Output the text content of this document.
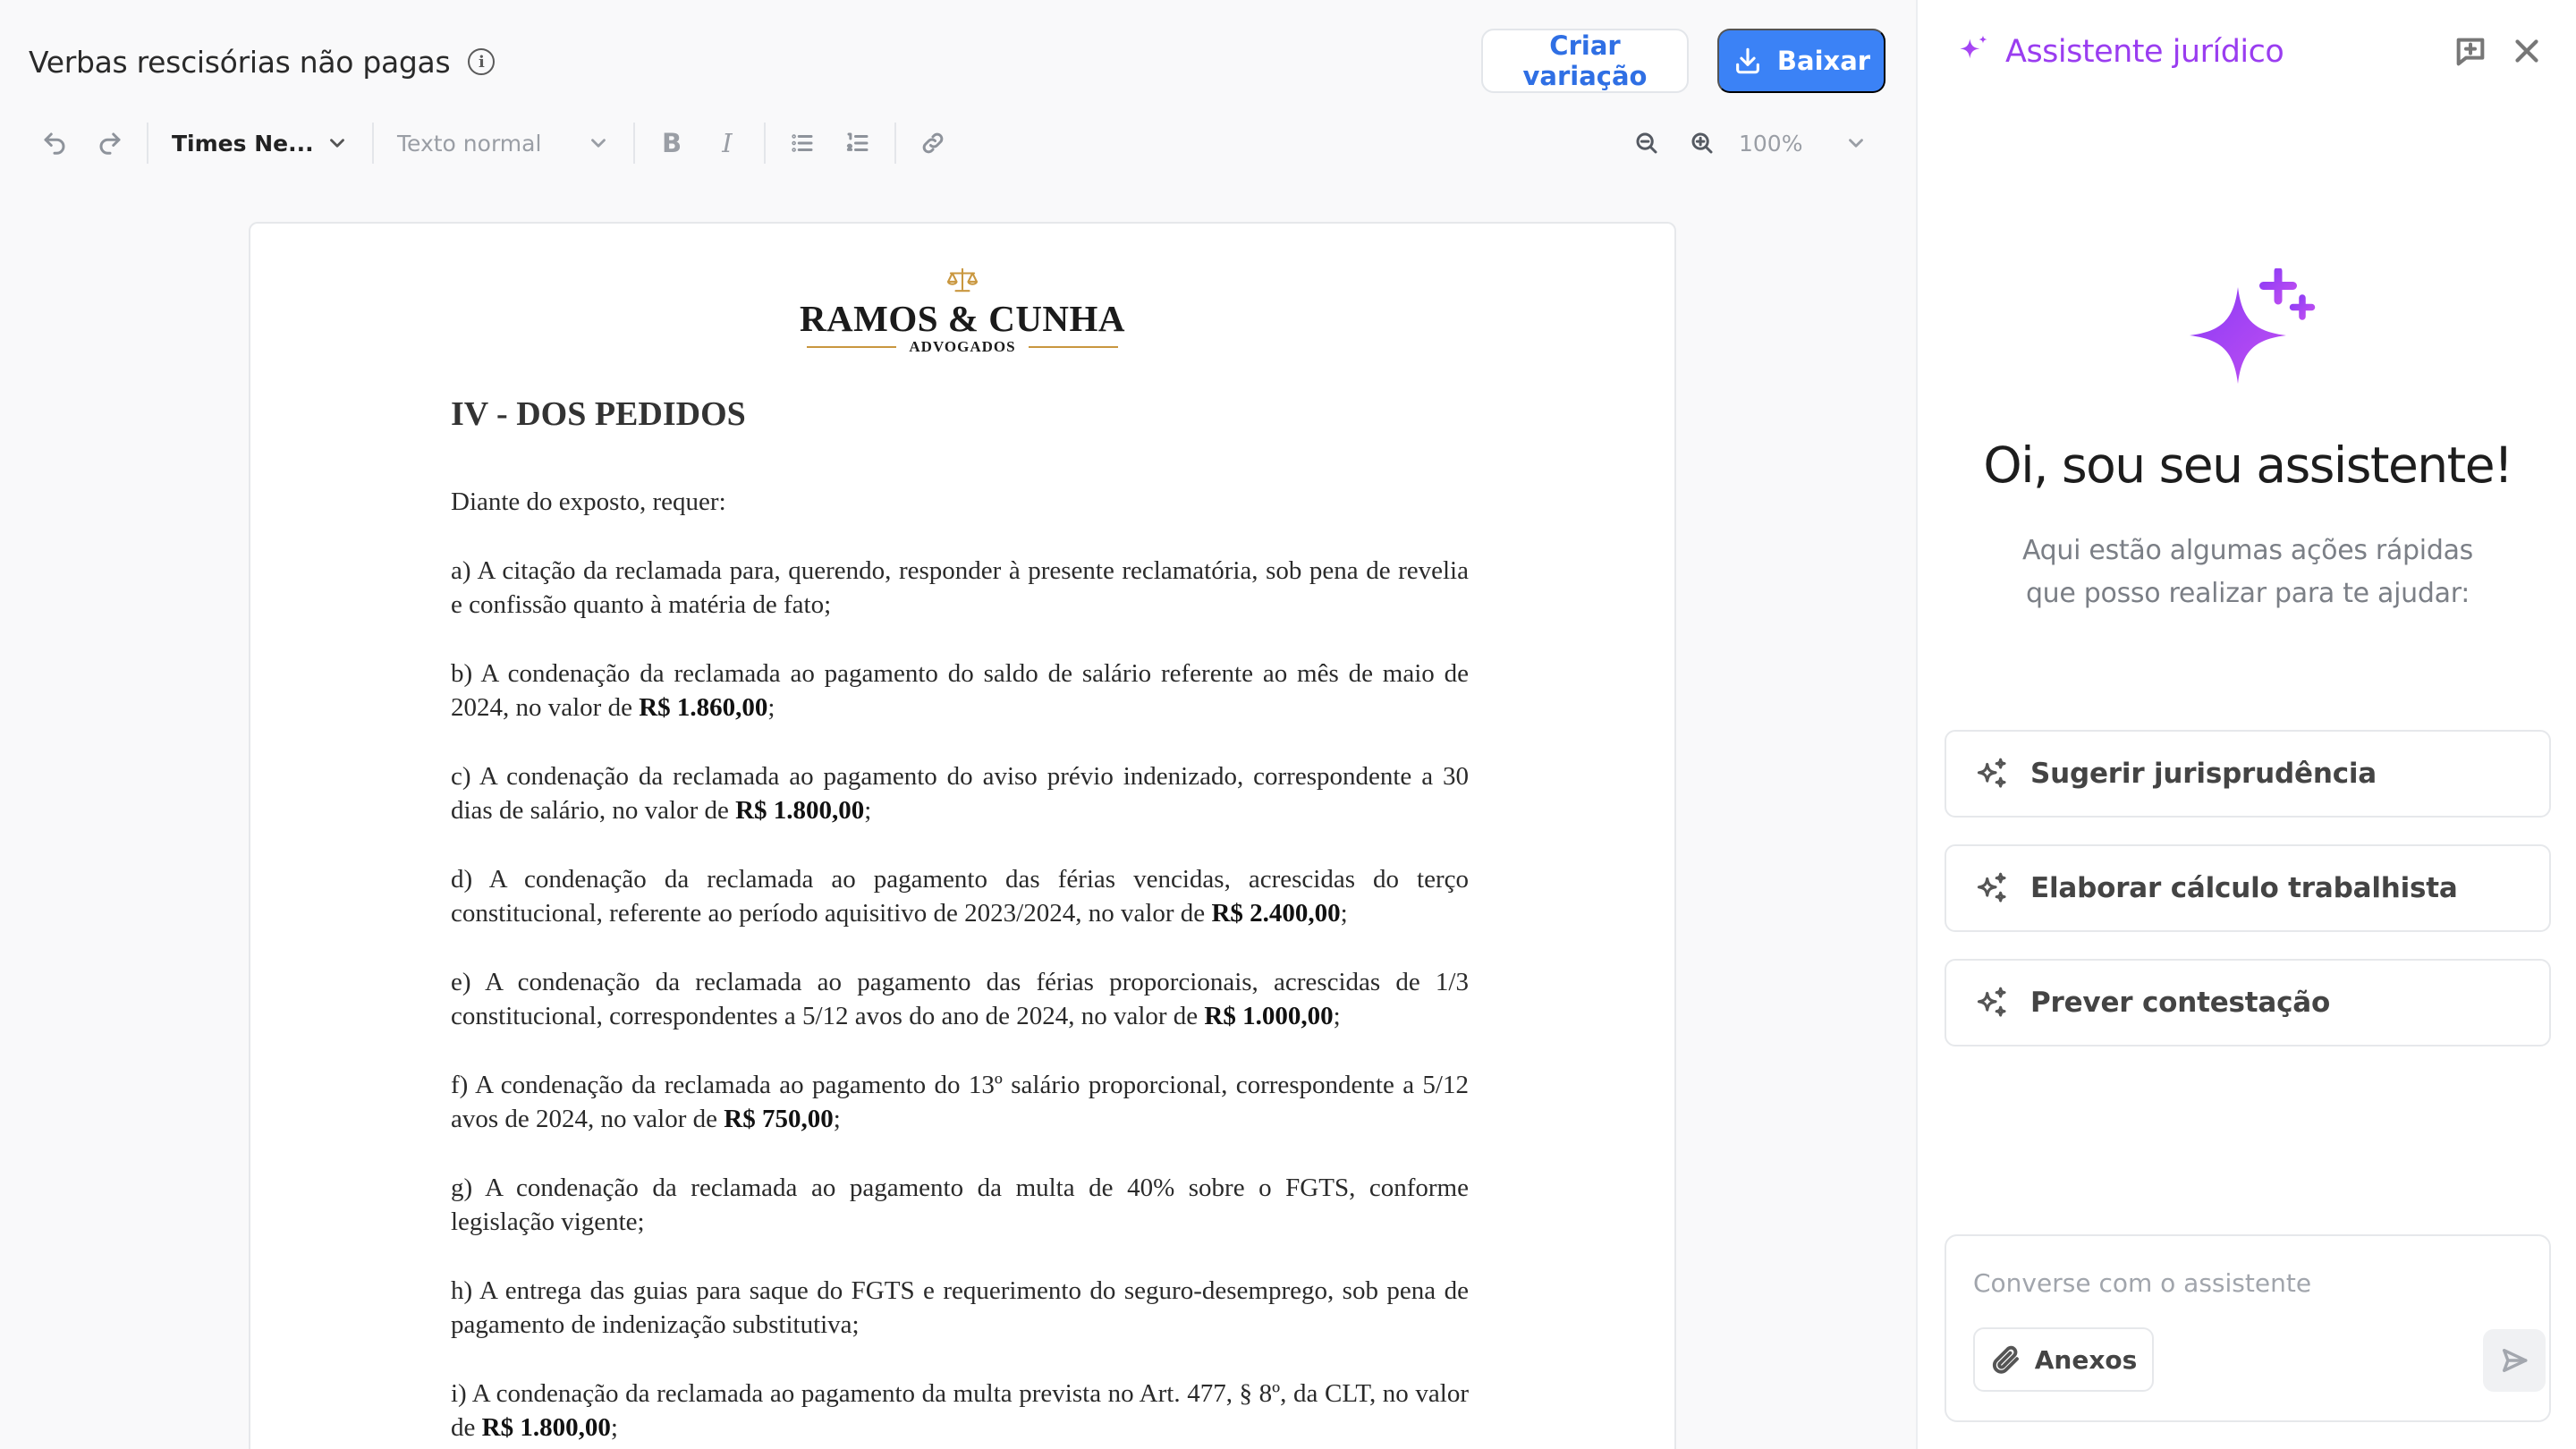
Verbas rescisórias não pagas	i
Criar variação	Baixar
Times Ne...	Texto normal	B I	100%
RAMOS & CUNHA
ADVOGADOS
IV - DOS PEDIDOS

Diante do exposto, requer:

a) A citação da reclamada para, querendo, responder à presente reclamatória, sob pena de revelia e confissão quanto à matéria de fato;

b) A condenação da reclamada ao pagamento do saldo de salário referente ao mês de maio de 2024, no valor de R$ 1.860,00;

c) A condenação da reclamada ao pagamento do aviso prévio indenizado, correspondente a 30 dias de salário, no valor de R$ 1.800,00;

d) A condenação da reclamada ao pagamento das férias vencidas, acrescidas do terço constitucional, referente ao período aquisitivo de 2023/2024, no valor de R$ 2.400,00;

e) A condenação da reclamada ao pagamento das férias proporcionais, acrescidas de 1/3 constitucional, correspondentes a 5/12 avos do ano de 2024, no valor de R$ 1.000,00;

f) A condenação da reclamada ao pagamento do 13º salário proporcional, correspondente a 5/12 avos de 2024, no valor de R$ 750,00;

g) A condenação da reclamada ao pagamento da multa de 40% sobre o FGTS, conforme legislação vigente;

h) A entrega das guias para saque do FGTS e requerimento do seguro-desemprego, sob pena de pagamento de indenização substitutiva;

i) A condenação da reclamada ao pagamento da multa prevista no Art. 477, § 8º, da CLT, no valor de R$ 1.800,00;

Assistente jurídico
Oi, sou seu assistente!
Aqui estão algumas ações rápidas
que posso realizar para te ajudar:
Sugerir jurisprudência
Elaborar cálculo trabalhista
Prever contestação
Converse com o assistente
Anexos
